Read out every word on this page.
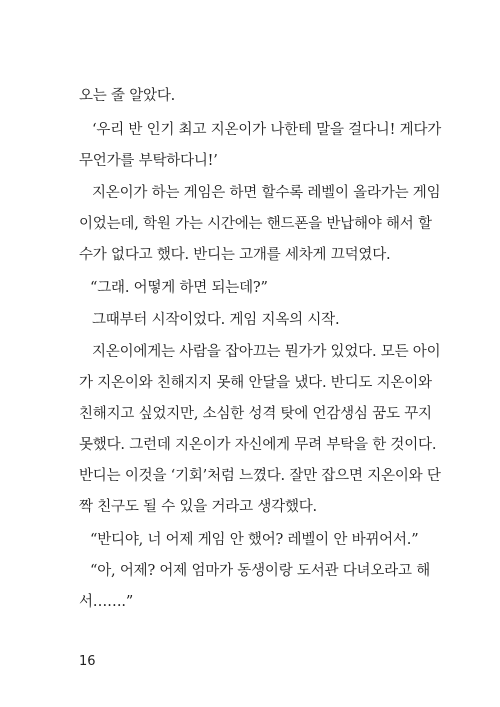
오는 줄 알았다.
‘우리 반 인기 최고 지온이가 나한테 말을 걸다니! 게다가
무언가를 부탁하다니!’
지온이가 하는 게임은 하면 할수록 레벨이 올라가는 게임
이었는데, 학원 가는 시간에는 핸드폰을 반납해야 해서 할
수가 없다고 했다. 반디는 고개를 세차게 끄덕였다.
“그래. 어떻게 하면 되는데?”
그때부터 시작이었다. 게임 지옥의 시작.
지온이에게는 사람을 잡아끄는 뭔가가 있었다. 모든 아이
가 지온이와 친해지지 못해 안달을 냈다. 반디도 지온이와
친해지고 싶었지만, 소심한 성격 탓에 언감생심 꿈도 꾸지
못했다. 그런데 지온이가 자신에게 무려 부탁을 한 것이다.
반디는 이것을 ‘기회’처럼 느꼈다. 잘만 잡으면 지온이와 단
짝 친구도 될 수 있을 거라고 생각했다.
“반디야, 너 어제 게임 안 했어? 레벨이 안 바뀌어서.”
“아, 어제? 어제 엄마가 동생이랑 도서관 다녀오라고 해
서…….”
16
